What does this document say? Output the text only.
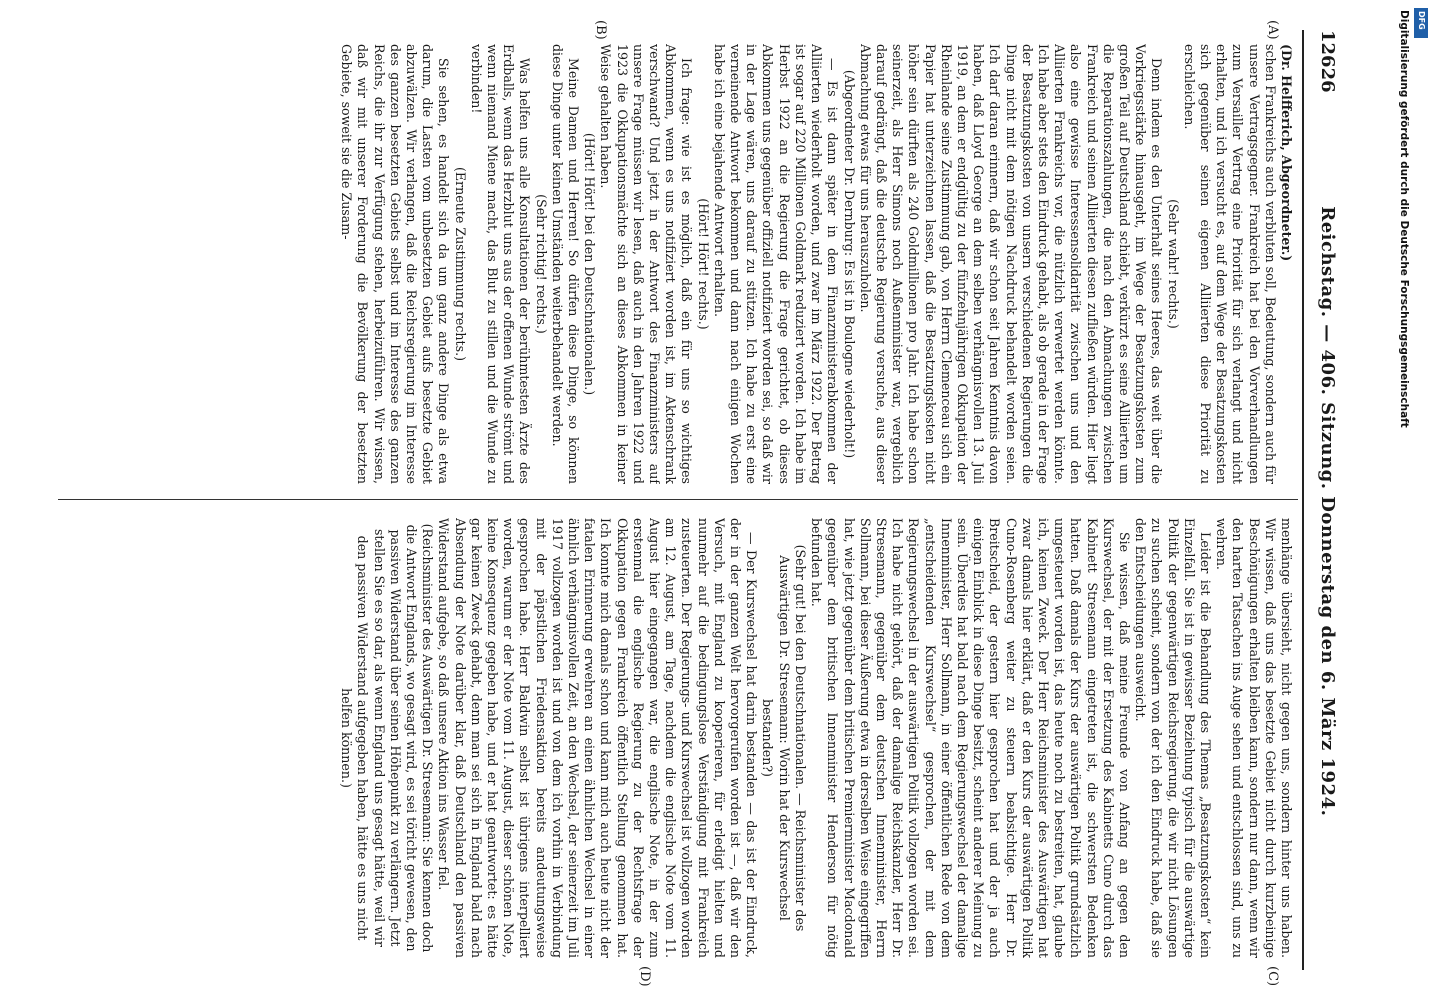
12626
Reichstag. — 406. Sitzung. Donnerstag den 6. März 1924.
(A)
(B)
(C)
(D)

(Dr. Helfferich, Abgeordneter.)

schen Frankreichs auch verbluten soll, Bedeutung, sondern auch für unsere Vertragsgegner. Frankreich hat bei den Vorverhandlungen zum Versailler Vertrag eine Priorität für sich verlangt und nicht erhalten, und ich versucht es, auf dem Wege der Besatzungskosten sich gegenüber seinen eigenen Alliierten diese Priorität zu erschleichen.

(Sehr wahr! rechts.)

Denn indem es den Unterhalt seines Heeres, das weit über die Vorkriegsstärke hinausgeht, im Wege der Besatzungskosten zum großen Teil auf Deutschland schiebt, verkürzt es seine Alliierten um die Reparationszahlungen, die nach den Abmachungen zwischen Frankreich und seinen Alliierten diesen zufließen würden. Hier liegt also eine gewisse Interessensolidarität zwischen uns und den Alliierten Frankreichs vor, die nützlich verwertet werden könnte. Ich habe aber stets den Eindruck gehabt, als ob gerade in der Frage der Besatzungskosten von unsern verschiedenen Regierungen die Dinge nicht mit dem nötigen Nachdruck behandelt worden seien. Ich darf daran erinnern, daß wir schon seit Jahren Kenntnis davon haben, daß Lloyd George an dem selben verhängnisvollen 13. Juli 1919, an dem er endgültig zu der fünfzehnjährigen Okkupation der Rheinlande seine Zustimmung gab, von Herrn Clemenceau sich ein Papier hat unterzeichnen lassen, daß die Besatzungskosten nicht höher sein dürften als 240 Goldmillionen pro Jahr. Ich habe schon seinerzeit, als Herr Simons noch Außenminister war, vergeblich darauf gedrängt, daß die deutsche Regierung versuche, aus dieser Abmachung etwas für uns herauszuholen.

(Abgeordneter Dr. Dernburg: Es ist in Boulogne wiederholt!)

— Es ist dann später in dem Finanzministerabkommen der Alliierten wiederholt worden, und zwar im März 1922. Der Betrag ist sogar auf 220 Millionen Goldmark reduziert worden. Ich habe im Herbst 1922 an die Regierung die Frage gerichtet, ob dieses Abkommen uns gegenüber offiziell notifiziert worden sei, so daß wir in der Lage wären, uns darauf zu stützen. Ich habe zu erst eine verneinende Antwort bekommen und dann nach einigen Wochen habe ich eine bejahende Antwort erhalten.

(Hört! Hört! rechts.)

Ich frage: wie ist es möglich, daß ein für uns so wichtiges Abkommen, wenn es uns notifiziert worden ist, im Aktenschrank verschwand? Und jetzt in der Antwort des Finanzministers auf unsere Frage müssen wir lesen, daß auch in den Jahren 1922 und 1923 die Okkupationsmächte sich an dieses Abkommen in keiner Weise gehalten haben.

(Hört! Hört! bei den Deutschnationalen.)

Meine Damen und Herren! So dürfen diese Dinge, so können diese Dinge unter keinen Umständen weiterbehandelt werden.

(Sehr richtig! rechts.)

Was helfen uns alle Konsultationen der berühmtesten Ärzte des Erdballs, wenn das Herzblut uns aus der offenen Wunde strömt und wenn niemand Miene macht, das Blut zu stillen und die Wunde zu verbinden!

(Erneute Zustimmung rechts.)

Sie sehen, es handelt sich da um ganz andere Dinge als etwa darum, die Lasten vom unbesetzten Gebiet aufs besetzte Gebiet abzuwälzen. Wir verlangen, daß die Reichsregierung im Interesse des ganzen besetzten Gebiets selbst und im Interesse des ganzen Reichs, die ihr zur Verfügung stehen, herbeizuführen. Wir wissen, daß wir mit unserer Forderung die Bevölkerung der besetzten Gebiete, soweit sie die Zusam-

menhänge übersieht, nicht gegen uns, sondern hinter uns haben. Wir wissen, daß uns das besetzte Gebiet nicht durch kurzbeinige Beschönigungen erhalten bleiben kann, sondern nur dann, wenn wir den harten Tatsachen ins Auge sehen und entschlossen sind, uns zu wehren.

Leider ist die Behandlung des Themas „Besatzungskosten“ kein Einzelfall. Sie ist in gewisser Beziehung typisch für die auswärtige Politik der gegenwärtigen Reichsregierung, die wir nicht Lösungen zu suchen scheint, sondern von der ich den Eindruck habe, daß sie den Entscheidungen ausweicht.

Sie wissen, daß meine Freunde von Anfang an gegen den Kurswechsel, der mit der Ersetzung des Kabinetts Cuno durch das Kabinett Stresemann eingetreten ist, die schwersten Bedenken hatten. Daß damals der Kurs der auswärtigen Politik grundsätzlich umgesteuert worden ist, das heute noch zu bestreiten, hat, glaube ich, keinen Zweck. Der Herr Reichsminister des Auswärtigen hat zwar damals hier erklärt, daß er den Kurs der auswärtigen Politik Cuno-Rosenberg weiter zu steuern beabsichtige. Herr Dr. Breitscheid, der gestern hier gesprochen hat und der ja auch einigen Einblick in diese Dinge besitzt, scheint anderer Meinung zu sein. Überdies hat bald nach dem Regierungswechsel der damalige Innenminister, Herr Sollmann, in einer öffentlichen Rede von dem „entscheidenden Kurswechsel“ gesprochen, der mit dem Regierungswechsel in der auswärtigen Politik vollzogen worden sei. Ich habe nicht gehört, daß der damalige Reichskanzler, Herr Dr. Stresemann, gegenüber dem deutschen Innenminister, Herrn Sollmann, bei dieser Äußerung etwa in derselben Weise eingegriffen hat, wie jetzt gegenüber dem britischen Premierminister Macdonald gegenüber dem britischen Innenminister Henderson für nötig befunden hat.

(Sehr gut! bei den Deutschnationalen. — Reichsminister des Auswärtigen Dr. Stresemann: Worin hat der Kurswechsel bestanden?)

— Der Kurswechsel hat darin bestanden — das ist der Eindruck, der in der ganzen Welt hervorgerufen worden ist —, daß wir den Versuch, mit England zu kooperieren, für erledigt hielten und nunmehr auf die bedingungslose Verständigung mit Frankreich zusteuerten. Der Regierungs- und Kurswechsel ist vollzogen worden am 12. August, am Tage, nachdem die englische Note vom 11. August hier eingegangen war, die englische Note, in der zum erstenmal die englische Regierung zu der Rechtsfrage der Okkupation gegen Frankreich öffentlich Stellung genommen hat. Ich konnte mich damals schon und kann mich auch heute nicht der fatalen Erinnerung erwehren an einen ähnlichen Wechsel in einer ähnlich verhängnisvollen Zeit, an den Wechsel, der seinerzeit im Juli 1917 vollzogen worden ist und von dem ich vorhin in Verbindung mit der päpstlichen Friedensaktion bereits andeutungsweise gesprochen habe. Herr Baldwin selbst ist übrigens interpelliert worden, warum er der Note vom 11. August, dieser schönen Note, keine Konsequenz gegeben habe, und er hat geantwortet: es hätte gar keinen Zweck gehabt, denn man sei sich in England bald nach Absendung der Note darüber klar, daß Deutschland den passiven Widerstand aufgebe, so daß unsere Aktion ins Wasser fiel.

(Reichsminister des Auswärtigen Dr. Stresemann: Sie kennen doch die Antwort Englands, wo gesagt wird, es sei töricht gewesen, den passiven Widerstand über seinen Höhepunkt zu verlängern. Jetzt stellen Sie es so dar, als wenn England uns gesagt hätte, weil wir den passiven Widerstand aufgegeben haben, hätte es uns nicht helfen können.)

Digitalisierung gefördert durch die Deutsche Forschungsgemeinschaft DFG
